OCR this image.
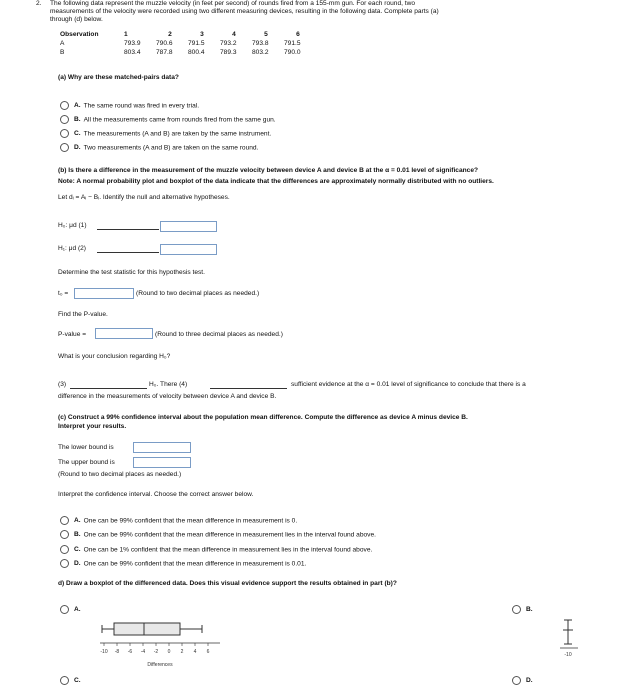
2. The following data represent the muzzle velocity (in feet per second) of rounds fired from a 155-mm gun. For each round, two
measurements of the velocity were recorded using two different measuring devices, resulting in the following data. Complete parts (a)
through (d) below.
Observation	1	2	3	4	5	6
A	793.9	790.6	791.5	793.2	793.8	791.5
B	803.4	787.8	800.4	789.3	803.2	790.0
(a) Why are these matched-pairs data?
A. The same round was fired in every trial.
B. All the measurements came from rounds fired from the same gun.
C. The measurements (A and B) are taken by the same instrument.
D. Two measurements (A and B) are taken on the same round.
(b) Is there a difference in the measurement of the muzzle velocity between device A and device B at the α = 0.01 level of significance?
Note: A normal probability plot and boxplot of the data indicate that the differences are approximately normally distributed with no outliers.
Let dᵢ = Aᵢ − Bᵢ. Identify the null and alternative hypotheses.
H₀: μd (1)
H₁: μd (2)
Determine the test statistic for this hypothesis test.
t₀ =	(Round to two decimal places as needed.)
Find the P-value.
P-value =	(Round to three decimal places as needed.)
What is your conclusion regarding H₀?
(3)	H₀. There (4)	sufficient evidence at the α = 0.01 level of significance to conclude that there is a
difference in the measurements of velocity between device A and device B.
(c) Construct a 99% confidence interval about the population mean difference. Compute the difference as device A minus device B.
Interpret your results.
The lower bound is
The upper bound is
(Round to two decimal places as needed.)
Interpret the confidence interval. Choose the correct answer below.
A. One can be 99% confident that the mean difference in measurement is 0.
B. One can be 99% confident that the mean difference in measurement lies in the interval found above.
C. One can be 1% confident that the mean difference in measurement lies in the interval found above.
D. One can be 99% confident that the mean difference in measurement is 0.01.
d) Draw a boxplot of the differenced data. Does this visual evidence support the results obtained in part (b)?
A.	B.
C.	D.
-10 -8 -6 -4 -2 0 2 4 6
Differences
-10
